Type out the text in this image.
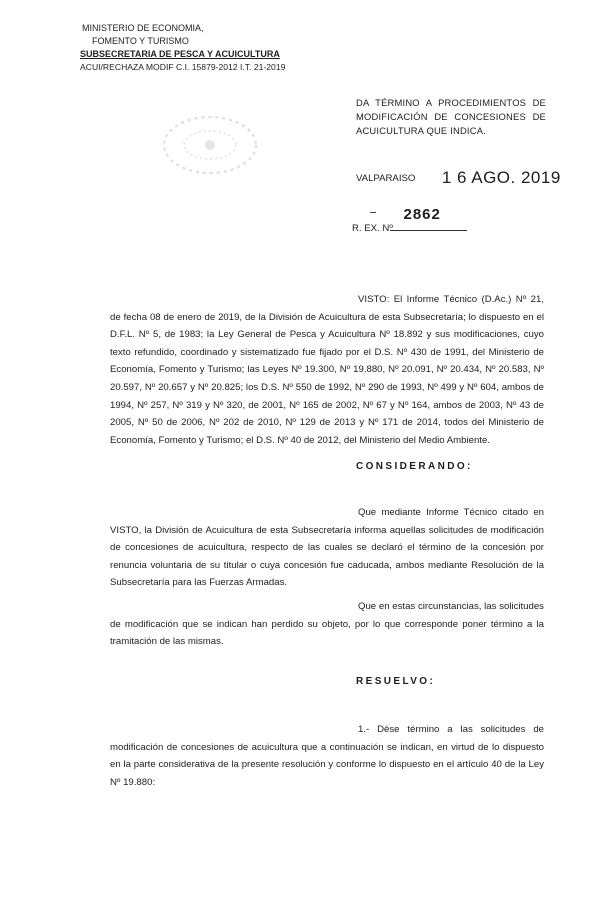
MINISTERIO DE ECONOMIA,
FOMENTO Y TURISMO
SUBSECRETARIA DE PESCA Y ACUICULTURA
ACUI/RECHAZA MODIF C.I. 15879-2012 I.T. 21-2019
DA TÉRMINO A PROCEDIMIENTOS DE MODIFICACIÓN DE CONCESIONES DE ACUICULTURA QUE INDICA.
VALPARAISO 1 6 AGO. 2019
R. EX. Nº 2862
VISTO: El Informe Técnico (D.Ac.) Nº 21, de fecha 08 de enero de 2019, de la División de Acuicultura de esta Subsecretaría; lo dispuesto en el D.F.L. Nº 5, de 1983; la Ley General de Pesca y Acuicultura Nº 18.892 y sus modificaciones, cuyo texto refundido, coordinado y sistematizado fue fijado por el D.S. Nº 430 de 1991, del Ministerio de Economía, Fomento y Turismo; las Leyes Nº 19.300, Nº 19.880, Nº 20.091, Nº 20.434, Nº 20.583, Nº 20.597, Nº 20.657 y Nº 20.825; los D.S. Nº 550 de 1992, Nº 290 de 1993, Nº 499 y Nº 604, ambos de 1994, Nº 257, Nº 319 y Nº 320, de 2001, Nº 165 de 2002, Nº 67 y Nº 164, ambos de 2003, Nº 43 de 2005, Nº 50 de 2006, Nº 202 de 2010, Nº 129 de 2013 y Nº 171 de 2014, todos del Ministerio de Economía, Fomento y Turismo; el D.S. Nº 40 de 2012, del Ministerio del Medio Ambiente.
CONSIDERANDO:
Que mediante Informe Técnico citado en VISTO, la División de Acuicultura de esta Subsecretaría informa aquellas solicitudes de modificación de concesiones de acuicultura, respecto de las cuales se declaró el término de la concesión por renuncia voluntaria de su titular o cuya concesión fue caducada, ambos mediante Resolución de la Subsecretaría para las Fuerzas Armadas.
Que en estas circunstancias, las solicitudes de modificación que se indican han perdido su objeto, por lo que corresponde poner término a la tramitación de las mismas.
RESUELVO:
1.- Dése término a las solicitudes de modificación de concesiones de acuicultura que a continuación se indican, en virtud de lo dispuesto en la parte considerativa de la presente resolución y conforme lo dispuesto en el artículo 40 de la Ley Nº 19.880:
